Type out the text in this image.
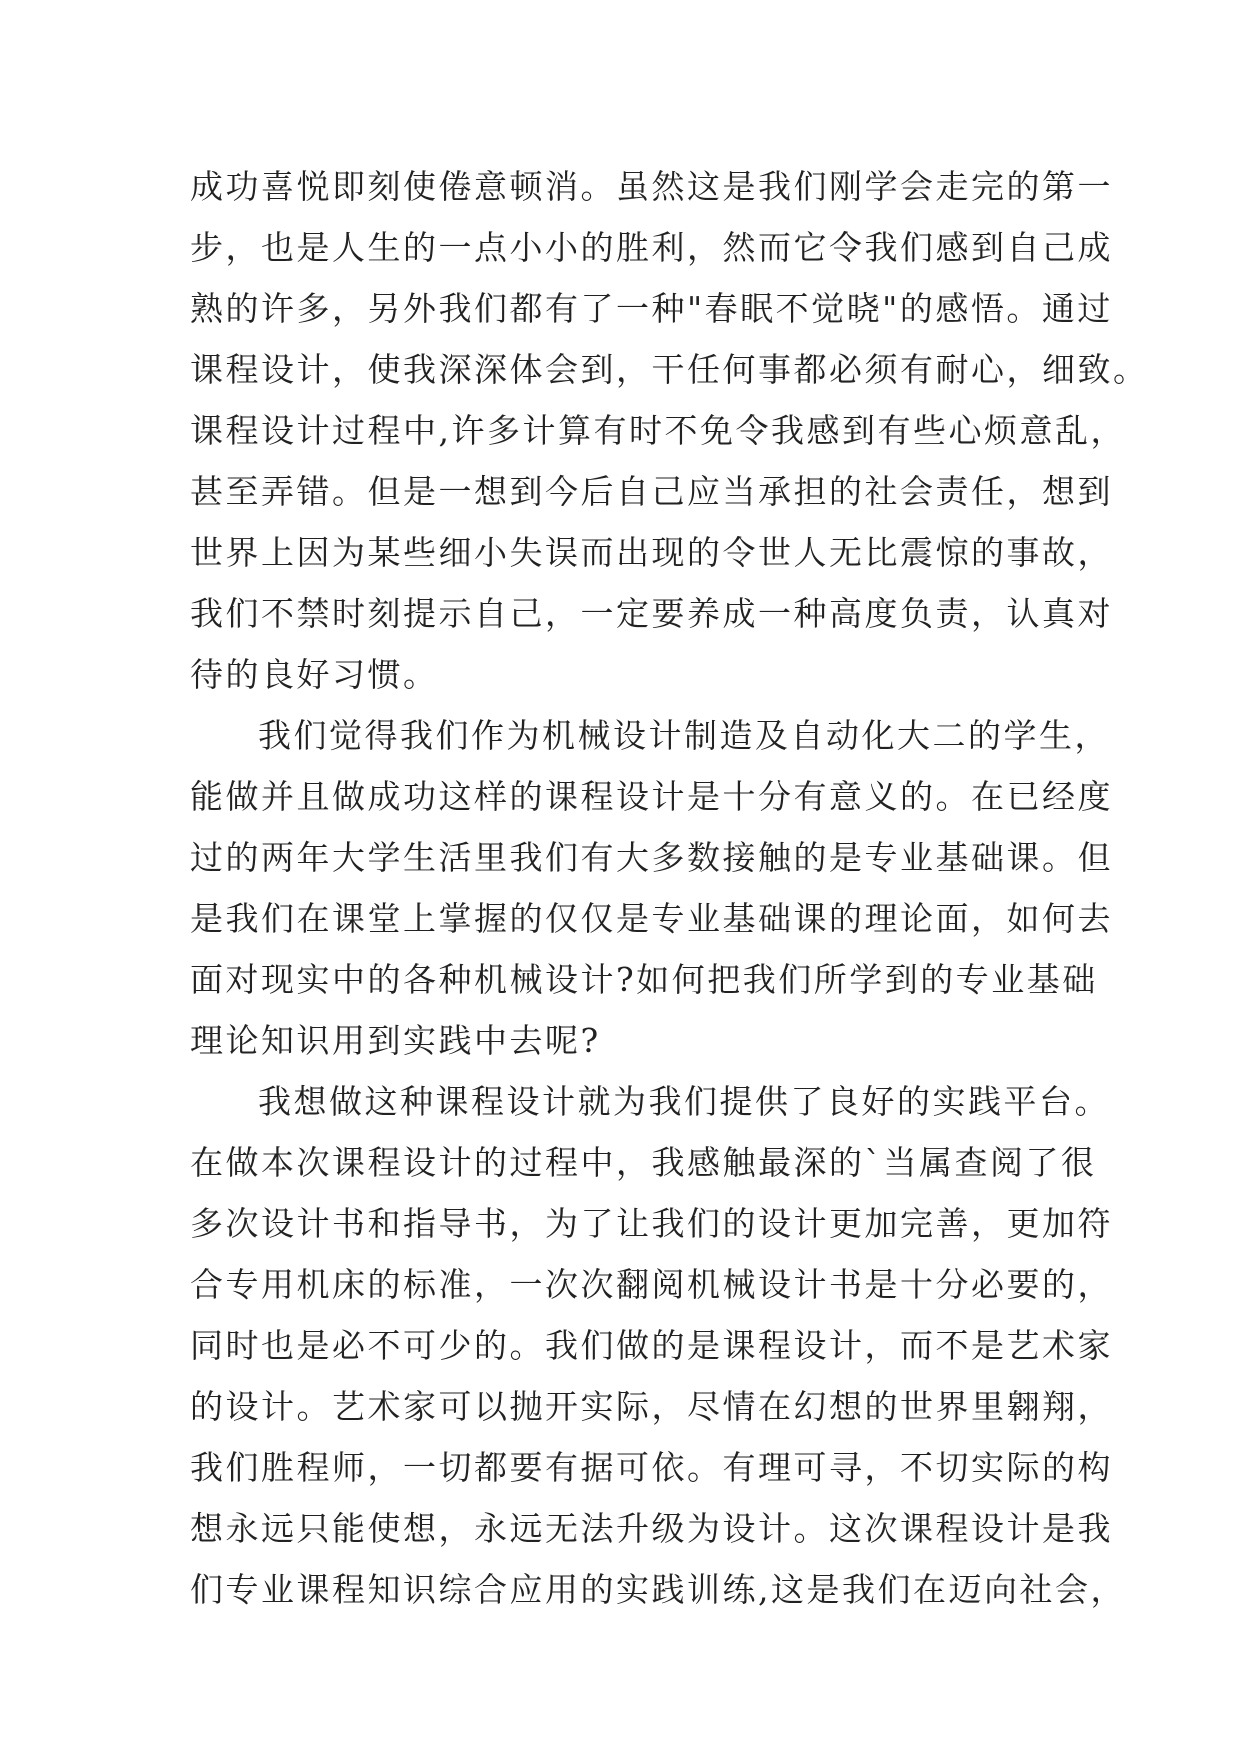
成功喜悦即刻使倦意顿消。虽然这是我们刚学会走完的第一
步，也是人生的一点小小的胜利，然而它令我们感到自己成
熟的许多，另外我们都有了一种"春眠不觉晓"的感悟。通过
课程设计，使我深深体会到，干任何事都必须有耐心，细致。
课程设计过程中,许多计算有时不免令我感到有些心烦意乱，
甚至弄错。但是一想到今后自己应当承担的社会责任，想到
世界上因为某些细小失误而出现的令世人无比震惊的事故，
我们不禁时刻提示自己，一定要养成一种高度负责，认真对
待的良好习惯。
我们觉得我们作为机械设计制造及自动化大二的学生，
能做并且做成功这样的课程设计是十分有意义的。在已经度
过的两年大学生活里我们有大多数接触的是专业基础课。但
是我们在课堂上掌握的仅仅是专业基础课的理论面，如何去
面对现实中的各种机械设计?如何把我们所学到的专业基础
理论知识用到实践中去呢?
我想做这种课程设计就为我们提供了良好的实践平台。
在做本次课程设计的过程中，我感触最深的`当属查阅了很
多次设计书和指导书，为了让我们的设计更加完善，更加符
合专用机床的标准，一次次翻阅机械设计书是十分必要的，
同时也是必不可少的。我们做的是课程设计，而不是艺术家
的设计。艺术家可以抛开实际，尽情在幻想的世界里翱翔，
我们胜程师，一切都要有据可依。有理可寻，不切实际的构
想永远只能使想，永远无法升级为设计。这次课程设计是我
们专业课程知识综合应用的实践训练,这是我们在迈向社会，
